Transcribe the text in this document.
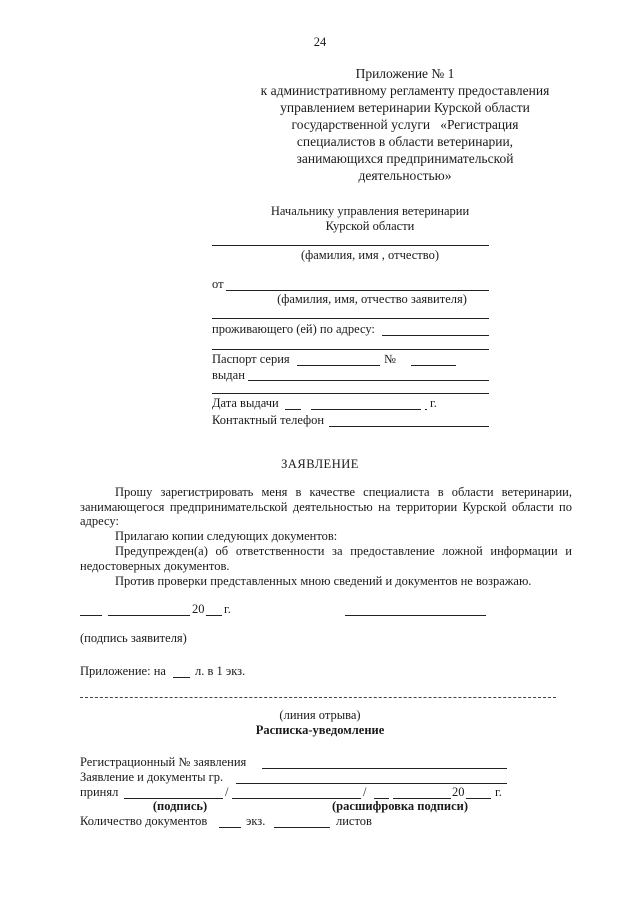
24
Приложение № 1
к административному регламенту предоставления
управлением ветеринарии Курской области
государственной услуги   «Регистрация
специалистов в области ветеринарии,
занимающихся предпринимательской
деятельностью»
Начальнику управления ветеринарии
Курской области
(фамилия, имя , отчество)
от
(фамилия, имя, отчество заявителя)
проживающего (ей) по адресу:
Паспорт серия	№
выдан
Дата выдачи	г.
Контактный телефон
ЗАЯВЛЕНИЕ
Прошу зарегистрировать меня в качестве специалиста в области ветеринарии, занимающегося предпринимательской деятельностью на территории Курской области по адресу:
Прилагаю копии следующих документов:
Предупрежден(а) об ответственности за предоставление ложной информации и недостоверных документов.
Против проверки представленных мною сведений и документов не возражаю.
20 г.
(подпись заявителя)
Приложение: на л. в 1 экз.
(линия отрыва)
Расписка-уведомление
Регистрационный № заявления
Заявление и документы гр.
принял	/	/	20 г.
(подпись)	(расшифровка подписи)
Количество документов	экз.	листов
